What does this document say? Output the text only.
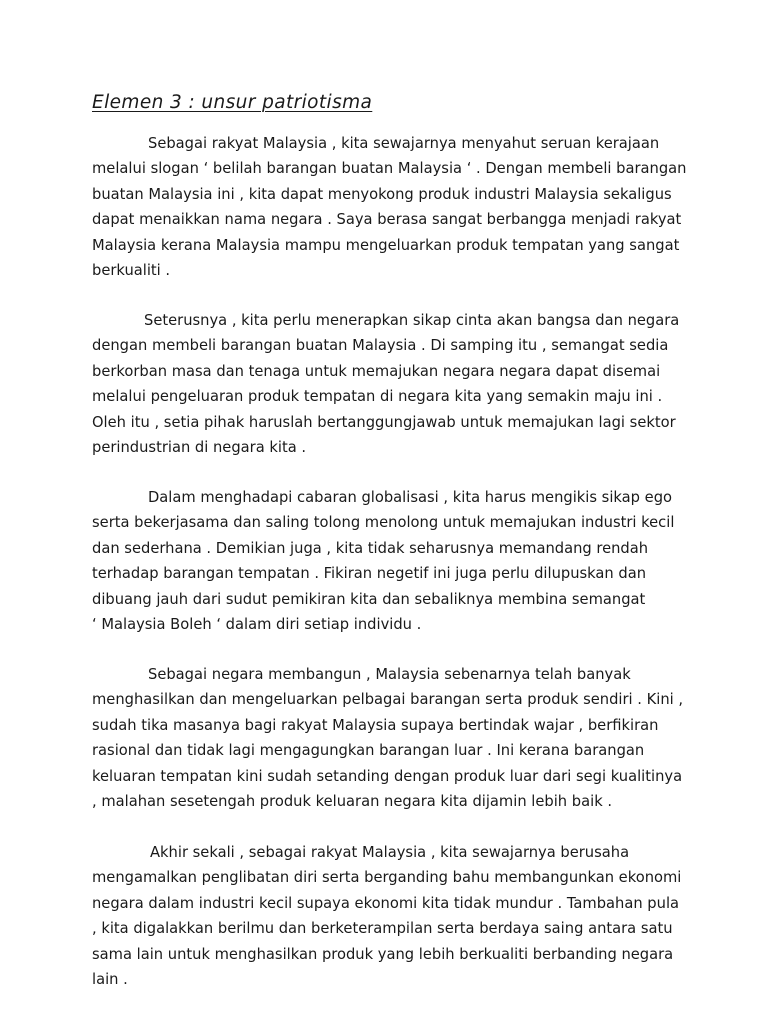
Elemen 3 : unsur patriotisma
Sebagai rakyat Malaysia , kita sewajarnya menyahut seruan kerajaan
melalui slogan ‘ belilah barangan buatan Malaysia ‘ . Dengan membeli barangan
buatan Malaysia ini , kita dapat menyokong produk industri Malaysia sekaligus
dapat menaikkan nama negara . Saya berasa sangat berbangga menjadi rakyat
Malaysia kerana Malaysia mampu mengeluarkan produk tempatan yang sangat
berkualiti .
Seterusnya , kita perlu menerapkan sikap cinta akan bangsa dan negara
dengan membeli barangan buatan Malaysia . Di samping itu , semangat sedia
berkorban masa dan tenaga untuk memajukan negara negara dapat disemai
melalui pengeluaran produk tempatan di negara kita yang semakin maju ini .
Oleh itu , setia pihak haruslah bertanggungjawab untuk memajukan lagi sektor
perindustrian di negara kita .
Dalam menghadapi cabaran globalisasi , kita harus mengikis sikap ego
serta bekerjasama dan saling tolong menolong untuk memajukan industri kecil
dan sederhana . Demikian juga , kita tidak seharusnya memandang rendah
terhadap barangan tempatan . Fikiran negetif ini juga perlu dilupuskan dan
dibuang jauh dari sudut pemikiran kita dan sebaliknya membina semangat
‘ Malaysia Boleh ‘ dalam diri setiap individu .
Sebagai negara membangun , Malaysia sebenarnya telah banyak
menghasilkan dan mengeluarkan pelbagai barangan serta produk sendiri . Kini ,
sudah tika masanya bagi rakyat Malaysia supaya bertindak wajar , berfikiran
rasional dan tidak lagi mengagungkan barangan luar . Ini kerana barangan
keluaran tempatan kini sudah setanding dengan produk luar dari segi kualitinya
, malahan sesetengah produk keluaran negara kita dijamin lebih baik .
Akhir sekali , sebagai rakyat Malaysia , kita sewajarnya berusaha
mengamalkan penglibatan diri serta berganding bahu membangunkan ekonomi
negara dalam industri kecil supaya ekonomi kita tidak mundur . Tambahan pula
, kita digalakkan berilmu dan berketerampilan serta berdaya saing antara satu
sama lain untuk menghasilkan produk yang lebih berkualiti berbanding negara
lain .
